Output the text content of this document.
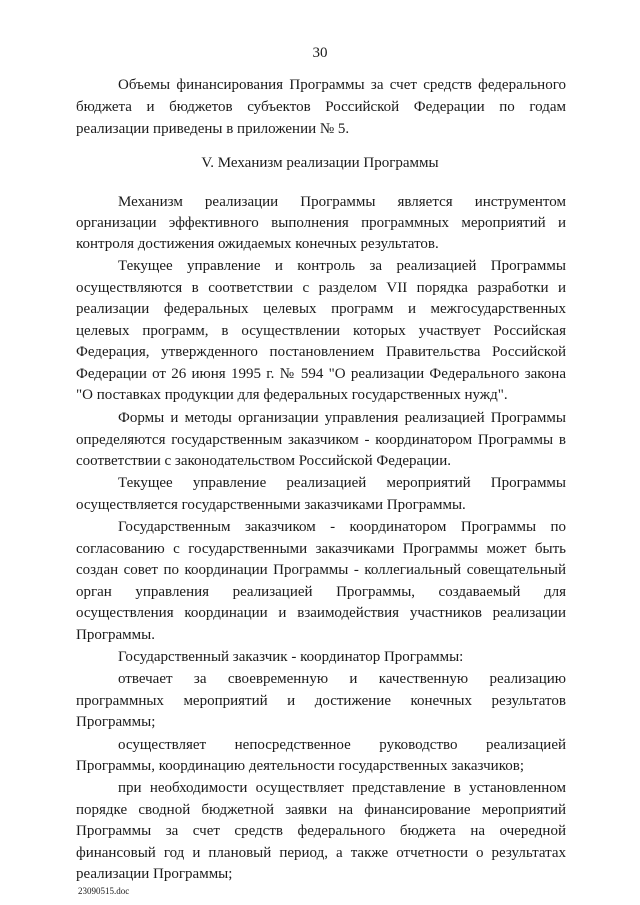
30
Объемы финансирования Программы за счет средств федерального
бюджета и бюджетов субъектов Российской Федерации по годам
реализации приведены в приложении № 5.
V. Механизм реализации Программы
Механизм реализации Программы является инструментом
организации эффективного выполнения программных мероприятий и
контроля достижения ожидаемых конечных результатов.
Текущее управление и контроль за реализацией Программы
осуществляются в соответствии с разделом VII порядка разработки и
реализации федеральных целевых программ и межгосударственных
целевых программ, в осуществлении которых участвует Российская
Федерация, утвержденного постановлением Правительства Российской
Федерации от 26 июня 1995 г. № 594 "О реализации Федерального закона
"О поставках продукции для федеральных государственных нужд".
Формы и методы организации управления реализацией Программы
определяются государственным заказчиком - координатором Программы в
соответствии с законодательством Российской Федерации.
Текущее управление реализацией мероприятий Программы
осуществляется государственными заказчиками Программы.
Государственным заказчиком - координатором Программы по
согласованию с государственными заказчиками Программы может быть
создан совет по координации Программы - коллегиальный совещательный
орган управления реализацией Программы, создаваемый для
осуществления координации и взаимодействия участников реализации
Программы.
Государственный заказчик - координатор Программы:
отвечает за своевременную и качественную реализацию
программных мероприятий и достижение конечных результатов
Программы;
осуществляет непосредственное руководство реализацией
Программы, координацию деятельности государственных заказчиков;
при необходимости осуществляет представление в установленном
порядке сводной бюджетной заявки на финансирование мероприятий
Программы за счет средств федерального бюджета на очередной
финансовый год и плановый период, а также отчетности о результатах
реализации Программы;
23090515.doc
